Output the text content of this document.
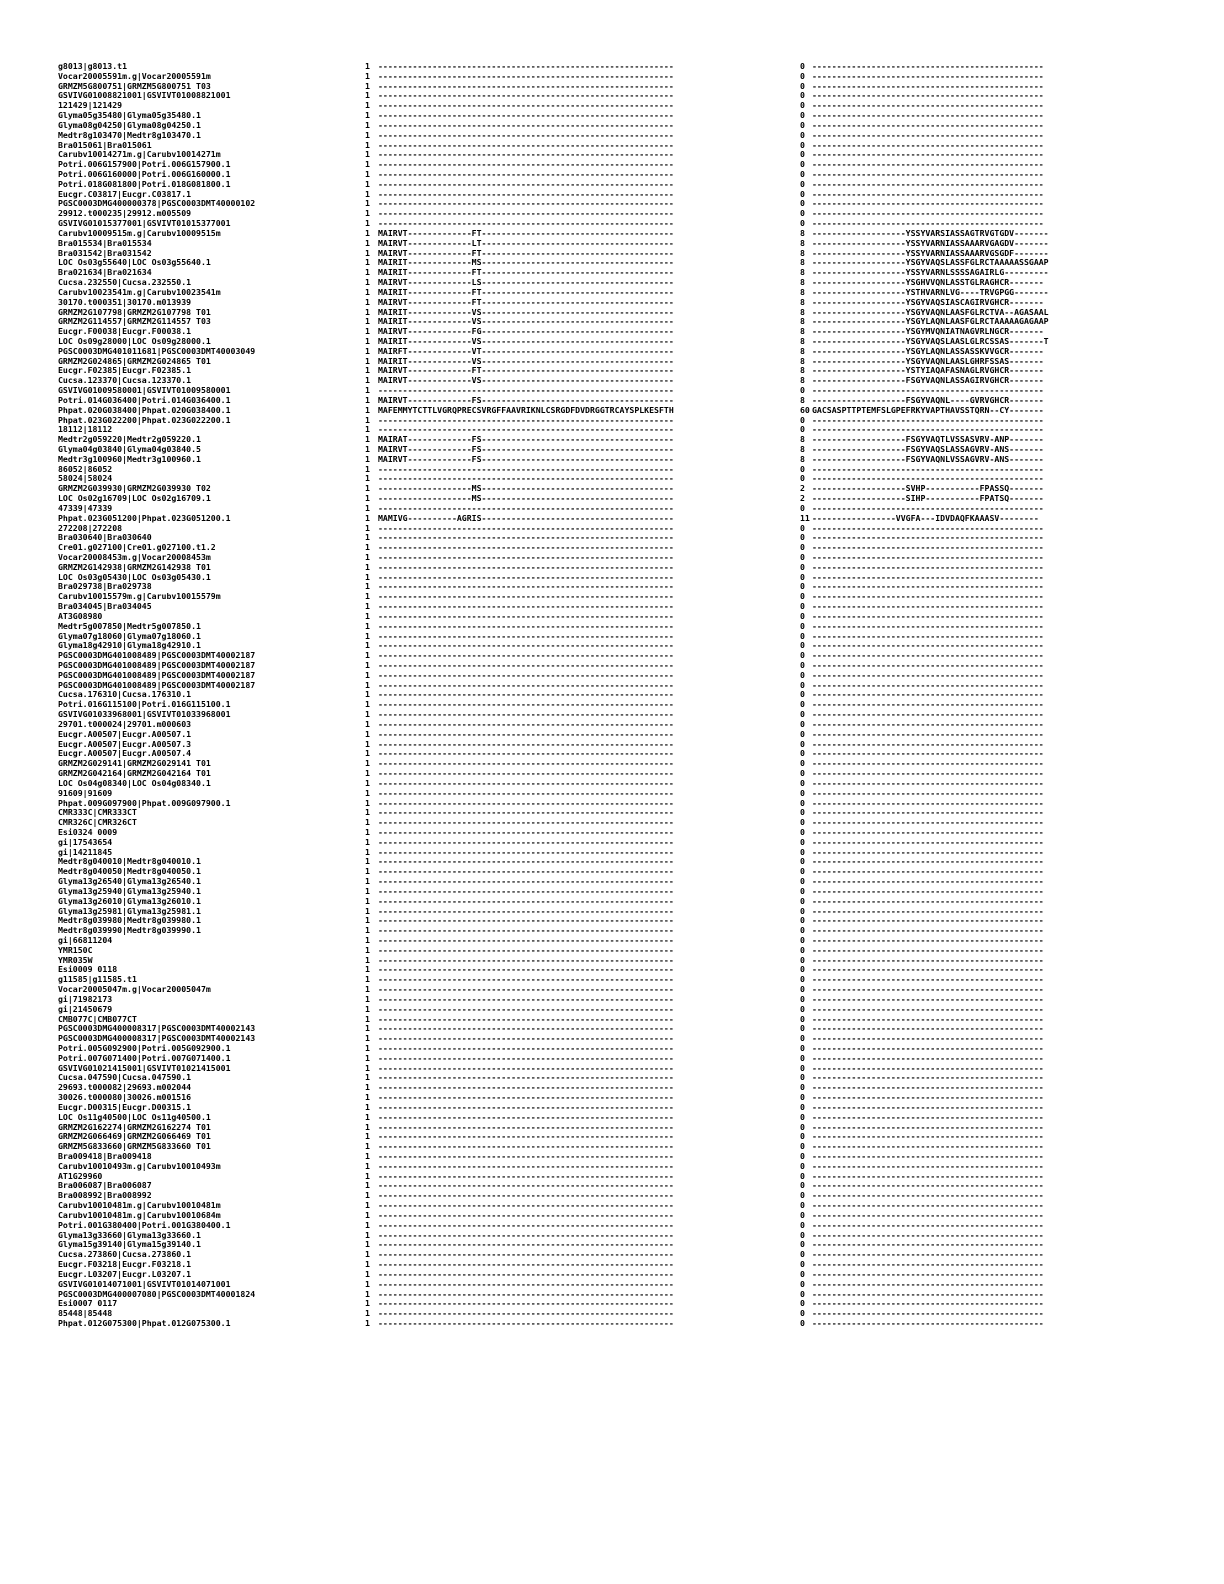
g8013|g8013.t1	1 ------------------------------------------------------------	0 -----------------------------------------------
Vocar20005591m.g|Vocar20005591m	1 ------------------------------------------------------------	0 -----------------------------------------------
GRMZM5G800751|GRMZM5G800751 T03	1 ------------------------------------------------------------	0 -----------------------------------------------
GSVIVG01008821001|GSVIVT01008821001	1 ------------------------------------------------------------	0 -----------------------------------------------
121429|121429	1 ------------------------------------------------------------	0 -----------------------------------------------
Glyma05g35480|Glyma05g35480.1	1 ------------------------------------------------------------	0 -----------------------------------------------
Glyma08g04250|Glyma08g04250.1	1 ------------------------------------------------------------	0 -----------------------------------------------
Medtr8g103470|Medtr8g103470.1	1 ------------------------------------------------------------	0 -----------------------------------------------
Bra015061|Bra015061	1 ------------------------------------------------------------	0 -----------------------------------------------
Carubv10014271m.g|Carubv10014271m	1 ------------------------------------------------------------	0 -----------------------------------------------
Potri.006G157900|Potri.006G157900.1	1 ------------------------------------------------------------	0 -----------------------------------------------
Potri.006G160000|Potri.006G160000.1	1 ------------------------------------------------------------	0 -----------------------------------------------
Potri.018G081800|Potri.018G081800.1	1 ------------------------------------------------------------	0 -----------------------------------------------
Eucgr.C03817|Eucgr.C03817.1	1 ------------------------------------------------------------	0 -----------------------------------------------
PGSC0003DMG400000378|PGSC0003DMT40000102	1 ------------------------------------------------------------	0 -----------------------------------------------
29912.t000235|29912.m005509	1 ------------------------------------------------------------	0 -----------------------------------------------
GSVIVG01015377001|GSVIVT01015377001	1 ------------------------------------------------------------	0 -----------------------------------------------
Carubv10009515m.g|Carubv10009515m	1 MAIRVT-------------FT---------------------------------------	8 -------------------YSSYVARSIASSAGTRVGTGDV-------
Bra015534|Bra015534	1 MAIRVT-------------LT---------------------------------------	8 -------------------YSSYVARNIASSAAARVGAGDV-------
Bra031542|Bra031542	1 MAIRVT-------------FT---------------------------------------	8 -------------------YSSYVARNIASSAAARVGSGDF-------
LOC Os03g55640|LOC Os03g55640.1	1 MAIRIT-------------MS---------------------------------------	8 -------------------YSGYVAQSLASSFGLRCTAAAAASSGAAP
Bra021634|Bra021634	1 MAIRIT-------------FT---------------------------------------	8 -------------------YSSYVARNLSSSSAGAIRLG---------
Cucsa.232550|Cucsa.232550.1	1 MAIRVT-------------LS---------------------------------------	8 -------------------YSGHVVQNLASSTGLRAGHCR-------
Carubv10023541m.g|Carubv10023541m	1 MAIRIT-------------FT---------------------------------------	8 -------------------YSTHVARNLVG----TRVGPGG-------
30170.t000351|30170.m013939	1 MAIRVT-------------FT---------------------------------------	8 -------------------YSGYVAQSIASCAGIRVGHCR-------
GRMZM2G107798|GRMZM2G107798 T01	1 MAIRIT-------------VS---------------------------------------	8 -------------------YSGYVAQNLAASFGLRCTVA--AGASAAL
GRMZM2G114557|GRMZM2G114557 T03	1 MAIRIT-------------VS---------------------------------------	8 -------------------YSGYLAQNLAASFGLRCTAAAAAGAGAAP
Eucgr.F00038|Eucgr.F00038.1	1 MAIRVT-------------FG---------------------------------------	8 -------------------YSGYMVQNIATNAGVRLNGCR-------
LOC Os09g28000|LOC Os09g28000.1	1 MAIRIT-------------VS---------------------------------------	8 -------------------YSGYVAQSLAASLGLRCSSAS-------T
PGSC0003DMG401011681|PGSC0003DMT40003049	1 MAIRFT-------------VT---------------------------------------	8 -------------------YSGYLAQNLASSASSKVVGCR-------
GRMZM2G024865|GRMZM2G024865 T01	1 MAIRIT-------------VS---------------------------------------	8 -------------------YSGYVAQNLAASLGHRFSSAS-------
Eucgr.F02385|Eucgr.F02385.1	1 MAIRVT-------------FT---------------------------------------	8 -------------------YSTYIAQAFASNAGLRVGHCR-------
Cucsa.123370|Cucsa.123370.1	1 MAIRVT-------------VS---------------------------------------	8 -------------------FSGYVAQNLASSAGIRVGHCR-------
GSVIVG01009580001|GSVIVT01009580001	1 ------------------------------------------------------------	0 -----------------------------------------------
Potri.014G036400|Potri.014G036400.1	1 MAIRVT-------------FS---------------------------------------	8 -------------------FSGYVAQNL----GVRVGHCR-------
Phpat.020G038400|Phpat.020G038400.1	1 MAFEMMYTCTTLVGRQPRECSVRGFFAAVRIKNLCSRGDFDVDRGGTRCAYSPLKESFTH	60 GACSASPTTPTEMFSLGPEFRKYVAPTHAVSSTQRN--CY-------
Phpat.023G022200|Phpat.023G022200.1	1 ------------------------------------------------------------	0 -----------------------------------------------
18112|18112	1 ------------------------------------------------------------	0 -----------------------------------------------
Medtr2g059220|Medtr2g059220.1	1 MAIRAT-------------FS---------------------------------------	8 -------------------FSGYVAQTLVSSASVRV-ANP-------
Glyma04g03840|Glyma04g03840.5	1 MAIRVT-------------FS---------------------------------------	8 -------------------FSGYVAQSLASSAGVRV-ANS-------
Medtr3g100960|Medtr3g100960.1	1 MAIRVT-------------FS---------------------------------------	8 -------------------FSGYVAQNLVSSAGVRV-ANS-------
86052|86052	1 ------------------------------------------------------------	0 -----------------------------------------------
58024|58024	1 ------------------------------------------------------------	0 -----------------------------------------------
GRMZM2G039930|GRMZM2G039930 T02	1 -------------------MS---------------------------------------	2 -------------------SVHP-----------FPASSQ-------
LOC Os02g16709|LOC Os02g16709.1	1 -------------------MS---------------------------------------	2 -------------------SIHP-----------FPATSQ-------
47339|47339	1 ------------------------------------------------------------	0 -----------------------------------------------
Phpat.023G051200|Phpat.023G051200.1	1 MAMIVG----------AGRIS---------------------------------------	11 -----------------VVGFA---IDVDAQFKAAASV--------
272208|272208	1 ------------------------------------------------------------	0 -----------------------------------------------
Bra030640|Bra030640	1 ------------------------------------------------------------	0 -----------------------------------------------
Cre01.g027100|Cre01.g027100.t1.2	1 ------------------------------------------------------------	0 -----------------------------------------------
Vocar20008453m.g|Vocar20008453m	1 ------------------------------------------------------------	0 -----------------------------------------------
GRMZM2G142938|GRMZM2G142938 T01	1 ------------------------------------------------------------	0 -----------------------------------------------
LOC Os03g05430|LOC Os03g05430.1	1 ------------------------------------------------------------	0 -----------------------------------------------
Bra029738|Bra029738	1 ------------------------------------------------------------	0 -----------------------------------------------
Carubv10015579m.g|Carubv10015579m	1 ------------------------------------------------------------	0 -----------------------------------------------
Bra034045|Bra034045	1 ------------------------------------------------------------	0 -----------------------------------------------
AT3G08980	1 ------------------------------------------------------------	0 -----------------------------------------------
Medtr5g007850|Medtr5g007850.1	1 ------------------------------------------------------------	0 -----------------------------------------------
Glyma07g18060|Glyma07g18060.1	1 ------------------------------------------------------------	0 -----------------------------------------------
Glyma18g42910|Glyma18g42910.1	1 ------------------------------------------------------------	0 -----------------------------------------------
PGSC0003DMG401008489|PGSC0003DMT40002187	1 ------------------------------------------------------------	0 -----------------------------------------------
PGSC0003DMG401008489|PGSC0003DMT40002187	1 ------------------------------------------------------------	0 -----------------------------------------------
PGSC0003DMG401008489|PGSC0003DMT40002187	1 ------------------------------------------------------------	0 -----------------------------------------------
PGSC0003DMG401008489|PGSC0003DMT40002187	1 ------------------------------------------------------------	0 -----------------------------------------------
Cucsa.176310|Cucsa.176310.1	1 ------------------------------------------------------------	0 -----------------------------------------------
Potri.016G115100|Potri.016G115100.1	1 ------------------------------------------------------------	0 -----------------------------------------------
GSVIVG01033968001|GSVIVT01033968001	1 ------------------------------------------------------------	0 -----------------------------------------------
29701.t000024|29701.m000603	1 ------------------------------------------------------------	0 -----------------------------------------------
Eucgr.A00507|Eucgr.A00507.1	1 ------------------------------------------------------------	0 -----------------------------------------------
Eucgr.A00507|Eucgr.A00507.3	1 ------------------------------------------------------------	0 -----------------------------------------------
Eucgr.A00507|Eucgr.A00507.4	1 ------------------------------------------------------------	0 -----------------------------------------------
GRMZM2G029141|GRMZM2G029141 T01	1 ------------------------------------------------------------	0 -----------------------------------------------
GRMZM2G042164|GRMZM2G042164 T01	1 ------------------------------------------------------------	0 -----------------------------------------------
LOC Os04g08340|LOC Os04g08340.1	1 ------------------------------------------------------------	0 -----------------------------------------------
91609|91609	1 ------------------------------------------------------------	0 -----------------------------------------------
Phpat.009G097900|Phpat.009G097900.1	1 ------------------------------------------------------------	0 -----------------------------------------------
CMR333C|CMR333CT	1 ------------------------------------------------------------	0 -----------------------------------------------
CMR326C|CMR326CT	1 ------------------------------------------------------------	0 -----------------------------------------------
Esi0324 0009	1 ------------------------------------------------------------	0 -----------------------------------------------
gi|17543654	1 ------------------------------------------------------------	0 -----------------------------------------------
gi|14211845	1 ------------------------------------------------------------	0 -----------------------------------------------
Medtr8g040010|Medtr8g040010.1	1 ------------------------------------------------------------	0 -----------------------------------------------
Medtr8g040050|Medtr8g040050.1	1 ------------------------------------------------------------	0 -----------------------------------------------
Glyma13g26540|Glyma13g26540.1	1 ------------------------------------------------------------	0 -----------------------------------------------
Glyma13g25940|Glyma13g25940.1	1 ------------------------------------------------------------	0 -----------------------------------------------
Glyma13g26010|Glyma13g26010.1	1 ------------------------------------------------------------	0 -----------------------------------------------
Glyma13g25981|Glyma13g25981.1	1 ------------------------------------------------------------	0 -----------------------------------------------
Medtr8g039980|Medtr8g039980.1	1 ------------------------------------------------------------	0 -----------------------------------------------
Medtr8g039990|Medtr8g039990.1	1 ------------------------------------------------------------	0 -----------------------------------------------
gi|66811204	1 ------------------------------------------------------------	0 -----------------------------------------------
YMR150C	1 ------------------------------------------------------------	0 -----------------------------------------------
YMR035W	1 ------------------------------------------------------------	0 -----------------------------------------------
Esi0009 0118	1 ------------------------------------------------------------	0 -----------------------------------------------
g11585|g11585.t1	1 ------------------------------------------------------------	0 -----------------------------------------------
Vocar20005047m.g|Vocar20005047m	1 ------------------------------------------------------------	0 -----------------------------------------------
gi|71982173	1 ------------------------------------------------------------	0 -----------------------------------------------
gi|21450679	1 ------------------------------------------------------------	0 -----------------------------------------------
CMB077C|CMB077CT	1 ------------------------------------------------------------	0 -----------------------------------------------
PGSC0003DMG400008317|PGSC0003DMT40002143	1 ------------------------------------------------------------	0 -----------------------------------------------
PGSC0003DMG400008317|PGSC0003DMT40002143	1 ------------------------------------------------------------	0 -----------------------------------------------
Potri.005G092900|Potri.005G092900.1	1 ------------------------------------------------------------	0 -----------------------------------------------
Potri.007G071400|Potri.007G071400.1	1 ------------------------------------------------------------	0 -----------------------------------------------
GSVIVG01021415001|GSVIVT01021415001	1 ------------------------------------------------------------	0 -----------------------------------------------
Cucsa.047590|Cucsa.047590.1	1 ------------------------------------------------------------	0 -----------------------------------------------
29693.t000082|29693.m002044	1 ------------------------------------------------------------	0 -----------------------------------------------
30026.t000080|30026.m001516	1 ------------------------------------------------------------	0 -----------------------------------------------
Eucgr.D00315|Eucgr.D00315.1	1 ------------------------------------------------------------	0 -----------------------------------------------
LOC Os11g40500|LOC Os11g40500.1	1 ------------------------------------------------------------	0 -----------------------------------------------
GRMZM2G162274|GRMZM2G162274 T01	1 ------------------------------------------------------------	0 -----------------------------------------------
GRMZM2G066469|GRMZM2G066469 T01	1 ------------------------------------------------------------	0 -----------------------------------------------
GRMZM5G833660|GRMZM5G833660 T01	1 ------------------------------------------------------------	0 -----------------------------------------------
Bra009418|Bra009418	1 ------------------------------------------------------------	0 -----------------------------------------------
Carubv10010493m.g|Carubv10010493m	1 ------------------------------------------------------------	0 -----------------------------------------------
AT1G29960	1 ------------------------------------------------------------	0 -----------------------------------------------
Bra006087|Bra006087	1 ------------------------------------------------------------	0 -----------------------------------------------
Bra008992|Bra008992	1 ------------------------------------------------------------	0 -----------------------------------------------
Carubv10010481m.g|Carubv10010481m	1 ------------------------------------------------------------	0 -----------------------------------------------
Carubv10010481m.g|Carubv10010684m	1 ------------------------------------------------------------	0 -----------------------------------------------
Potri.001G380400|Potri.001G380400.1	1 ------------------------------------------------------------	0 -----------------------------------------------
Glyma13g33660|Glyma13g33660.1	1 ------------------------------------------------------------	0 -----------------------------------------------
Glyma15g39140|Glyma15g39140.1	1 ------------------------------------------------------------	0 -----------------------------------------------
Cucsa.273860|Cucsa.273860.1	1 ------------------------------------------------------------	0 -----------------------------------------------
Eucgr.F03218|Eucgr.F03218.1	1 ------------------------------------------------------------	0 -----------------------------------------------
Eucgr.L03207|Eucgr.L03207.1	1 ------------------------------------------------------------	0 -----------------------------------------------
GSVIVG01014071001|GSVIVT01014071001	1 ------------------------------------------------------------	0 -----------------------------------------------
PGSC0003DMG400007080|PGSC0003DMT40001824	1 ------------------------------------------------------------	0 -----------------------------------------------
Esi0007 0117	1 ------------------------------------------------------------	0 -----------------------------------------------
85448|85448	1 ------------------------------------------------------------	0 -----------------------------------------------
Phpat.012G075300|Phpat.012G075300.1	1 ------------------------------------------------------------	0 -----------------------------------------------
